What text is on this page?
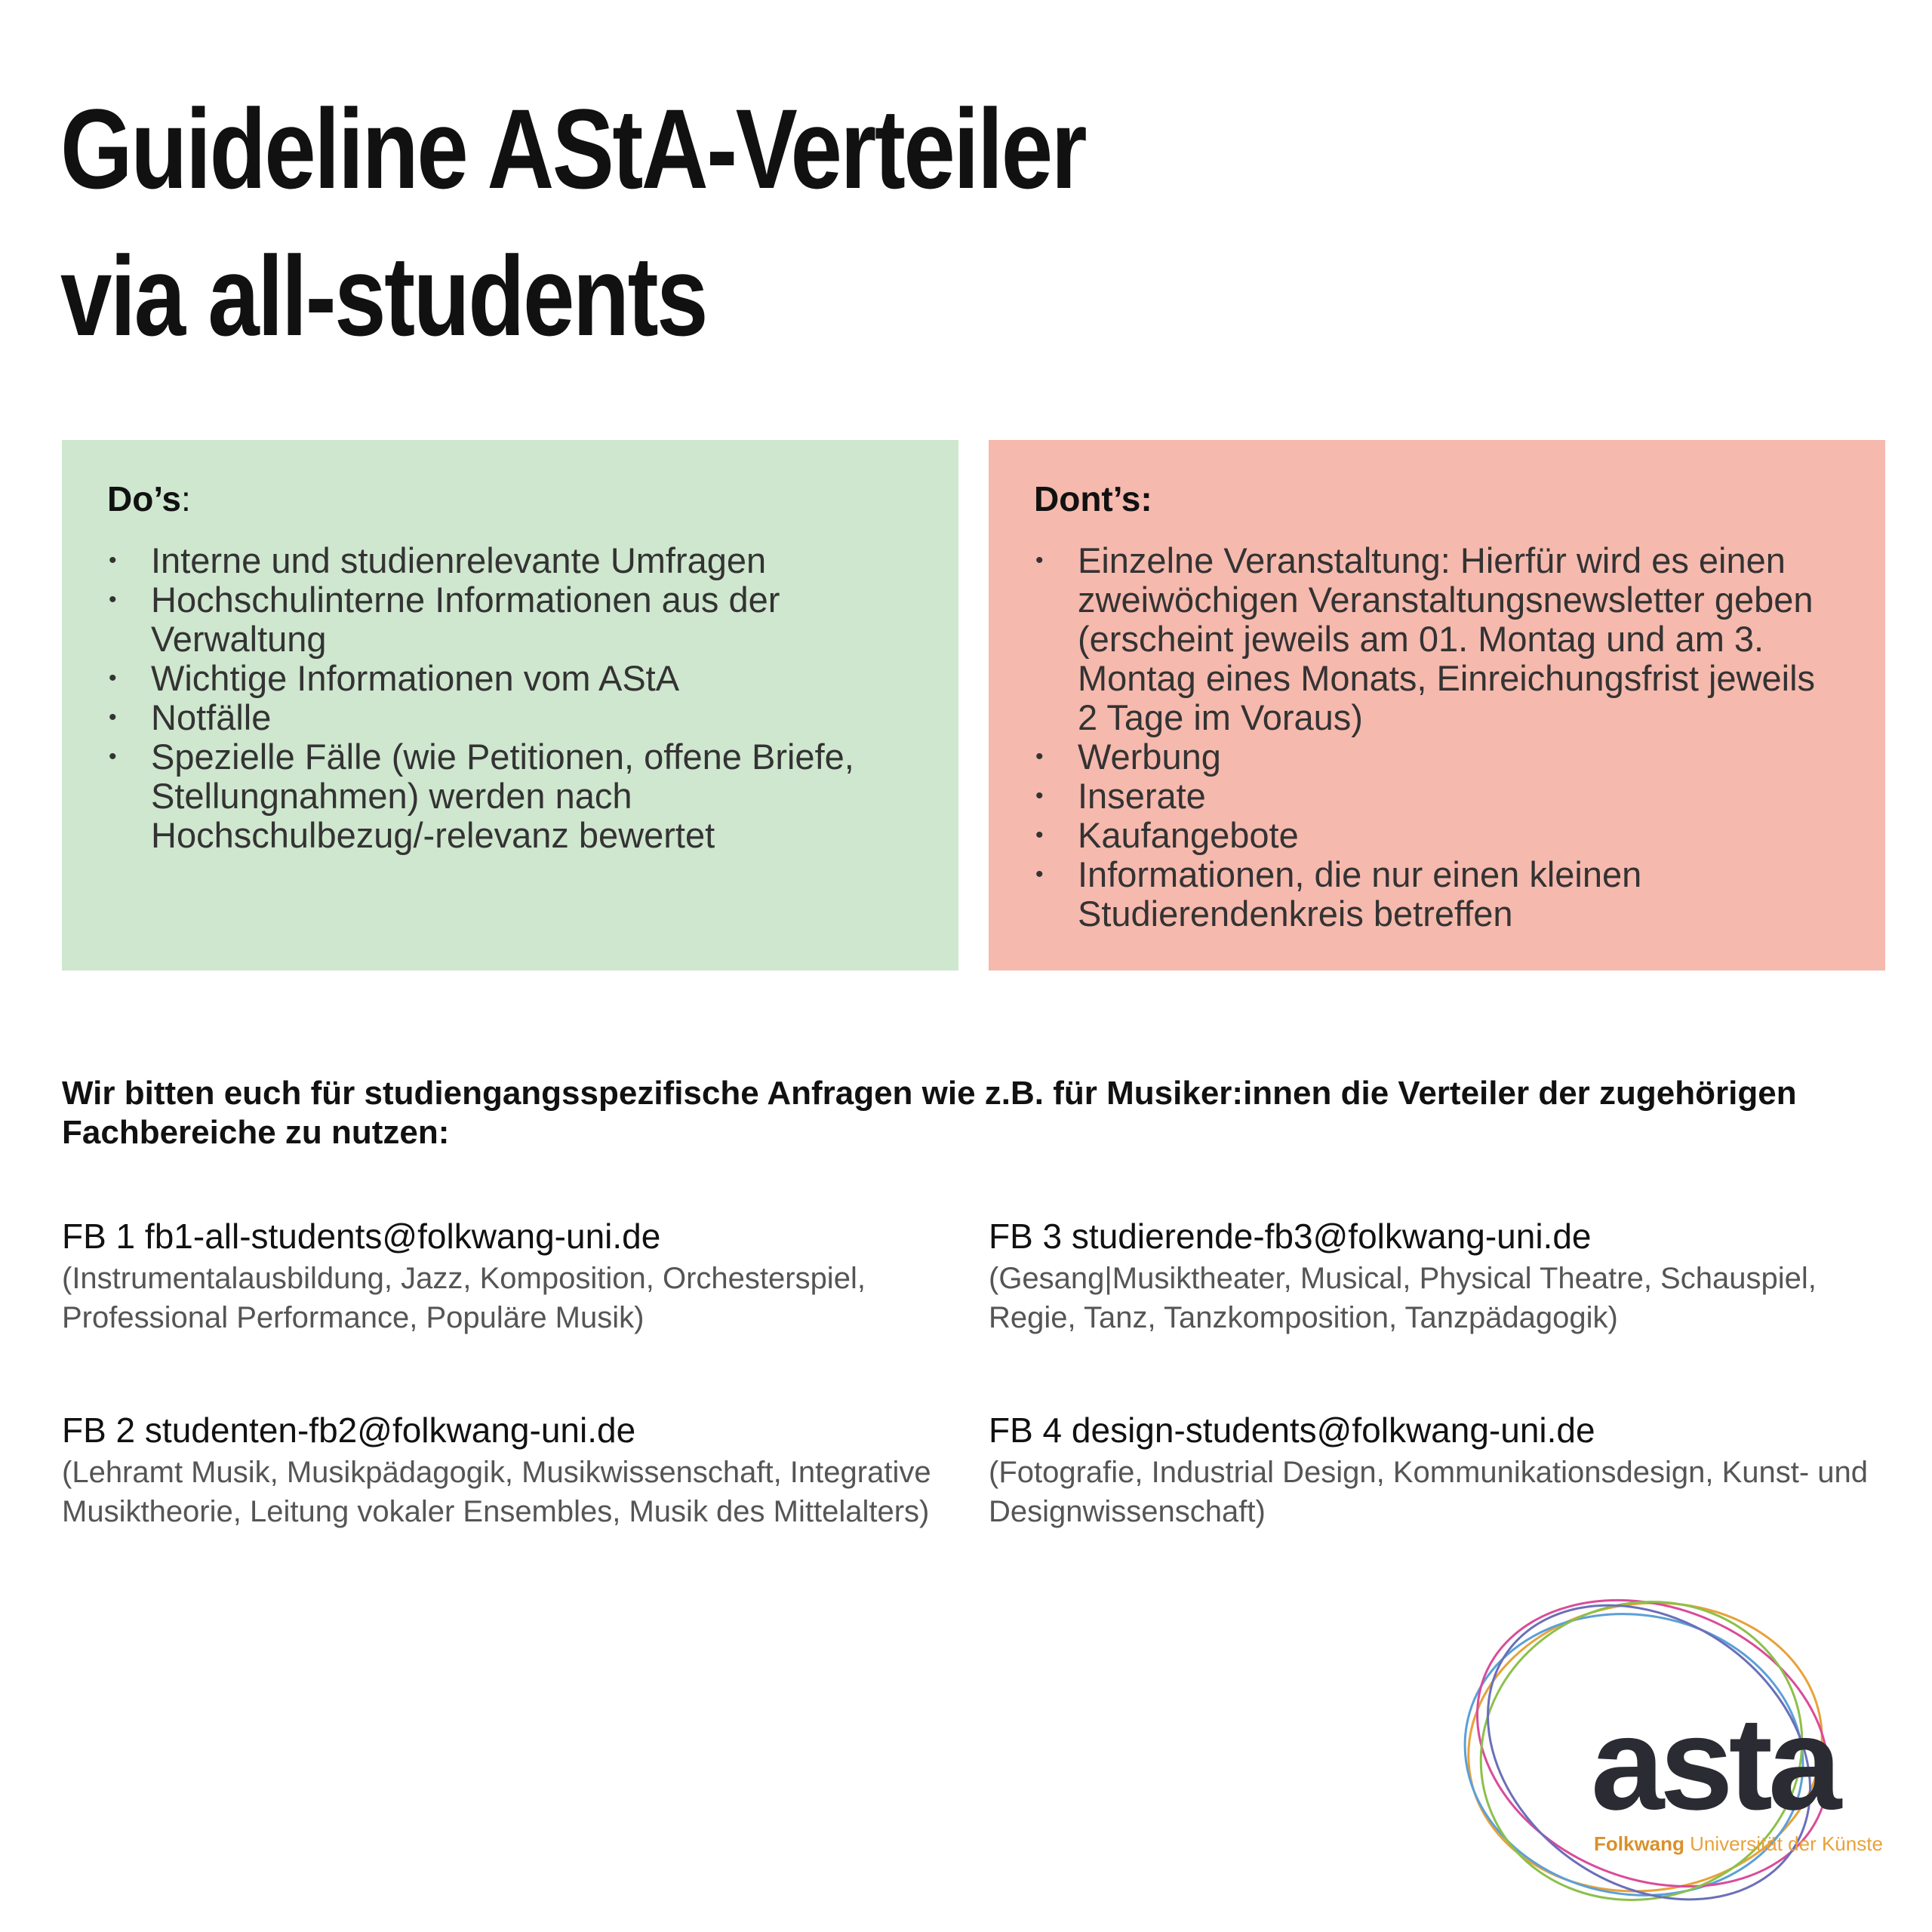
Guideline AStA-Verteiler
via all-students
Do’s:
• Interne und studienrelevante Umfragen
• Hochschulinterne Informationen aus der Verwaltung
• Wichtige Informationen vom AStA
• Notfälle
• Spezielle Fälle (wie Petitionen, offene Briefe, Stellungnahmen) werden nach Hochschulbezug/-relevanz bewertet
Dont’s:
• Einzelne Veranstaltung: Hierfür wird es einen zweiwöchigen Veranstaltungsnewsletter geben (erscheint jeweils am 01. Montag und am 3. Montag eines Monats, Einreichungsfrist jeweils 2 Tage im Voraus)
• Werbung
• Inserate
• Kaufangebote
• Informationen, die nur einen kleinen Studierendenkreis betreffen

Wir bitten euch für studiengangsspezifische Anfragen wie z.B. für Musiker:innen die Verteiler der zugehörigen Fachbereiche zu nutzen:

FB 1 fb1-all-students@folkwang-uni.de
(Instrumentalausbildung, Jazz, Komposition, Orchesterspiel, Professional Performance, Populäre Musik)
FB 2 studenten-fb2@folkwang-uni.de
(Lehramt Musik, Musikpädagogik, Musikwissenschaft, Integrative Musiktheorie, Leitung vokaler Ensembles, Musik des Mittelalters)
FB 3 studierende-fb3@folkwang-uni.de
(Gesang|Musiktheater, Musical, Physical Theatre, Schauspiel, Regie, Tanz, Tanzkomposition, Tanzpädagogik)
FB 4 design-students@folkwang-uni.de
(Fotografie, Industrial Design, Kommunikationsdesign, Kunst- und Designwissenschaft)
asta
Folkwang Universität der Künste
